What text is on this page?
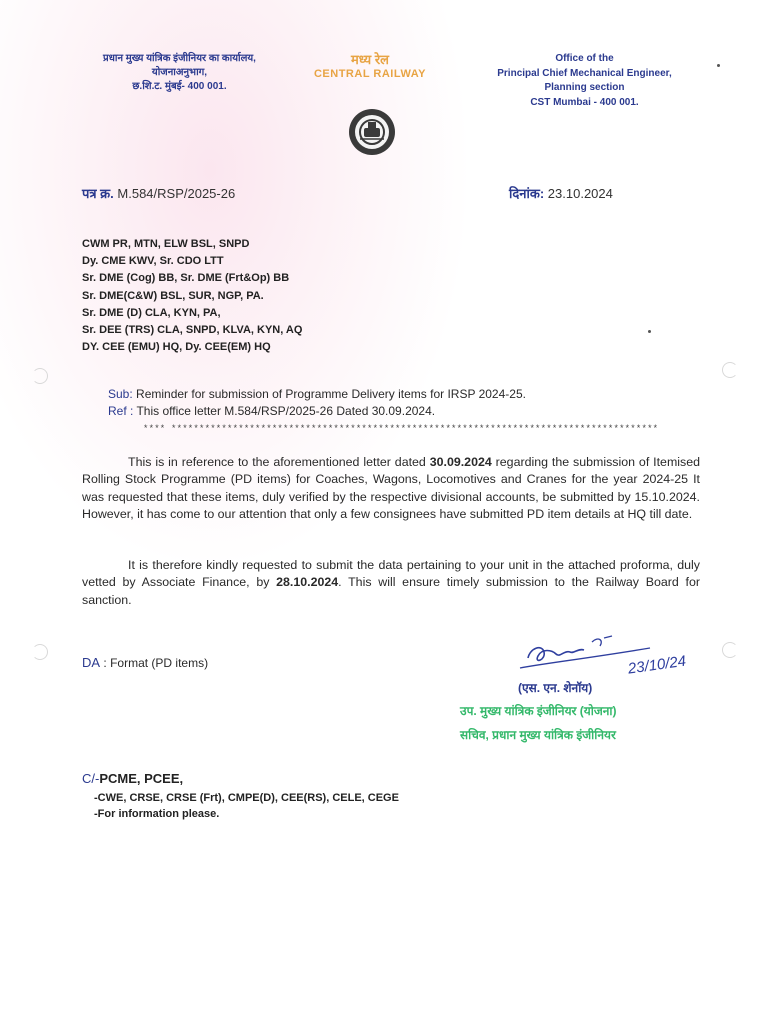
प्रधान मुख्य यांत्रिक इंजीनियर का कार्यालय,
योजनाअनुभाग,
छ.शि.ट. मुंबई- 400 001.
मध्य रेल
CENTRAL RAILWAY
Office of the
Principal Chief Mechanical Engineer,
Planning section
CST Mumbai - 400 001.
पत्र क्र. M.584/RSP/2025-26	दिनांक: 23.10.2024
CWM PR, MTN, ELW BSL, SNPD
Dy. CME KWV, Sr. CDO LTT
Sr. DME (Cog) BB, Sr. DME (Frt&Op) BB
Sr. DME(C&W) BSL, SUR, NGP, PA.
Sr. DME (D) CLA, KYN, PA,
Sr. DEE (TRS) CLA, SNPD, KLVA, KYN, AQ
DY. CEE (EMU) HQ, Dy. CEE(EM) HQ
Sub: Reminder for submission of Programme Delivery items for IRSP 2024-25.
Ref : This office letter M.584/RSP/2025-26 Dated 30.09.2024.
**** ***************************************************************************************
This is in reference to the aforementioned letter dated 30.09.2024 regarding the submission of Itemised Rolling Stock Programme (PD items) for Coaches, Wagons, Locomotives and Cranes for the year 2024-25 It was requested that these items, duly verified by the respective divisional accounts, be submitted by 15.10.2024. However, it has come to our attention that only a few consignees have submitted PD item details at HQ till date.
It is therefore kindly requested to submit the data pertaining to your unit in the attached proforma, duly vetted by Associate Finance, by 28.10.2024. This will ensure timely submission to the Railway Board for sanction.
DA : Format (PD items)	23/10/24
(एस. एन. शेनॉय)
उप. मुख्य यांत्रिक इंजीनियर (योजना)
सचिव, प्रधान मुख्य यांत्रिक इंजीनियर
C/-PCME, PCEE,
-CWE, CRSE, CRSE (Frt), CMPE(D), CEE(RS), CELE, CEGE
-For information please.
